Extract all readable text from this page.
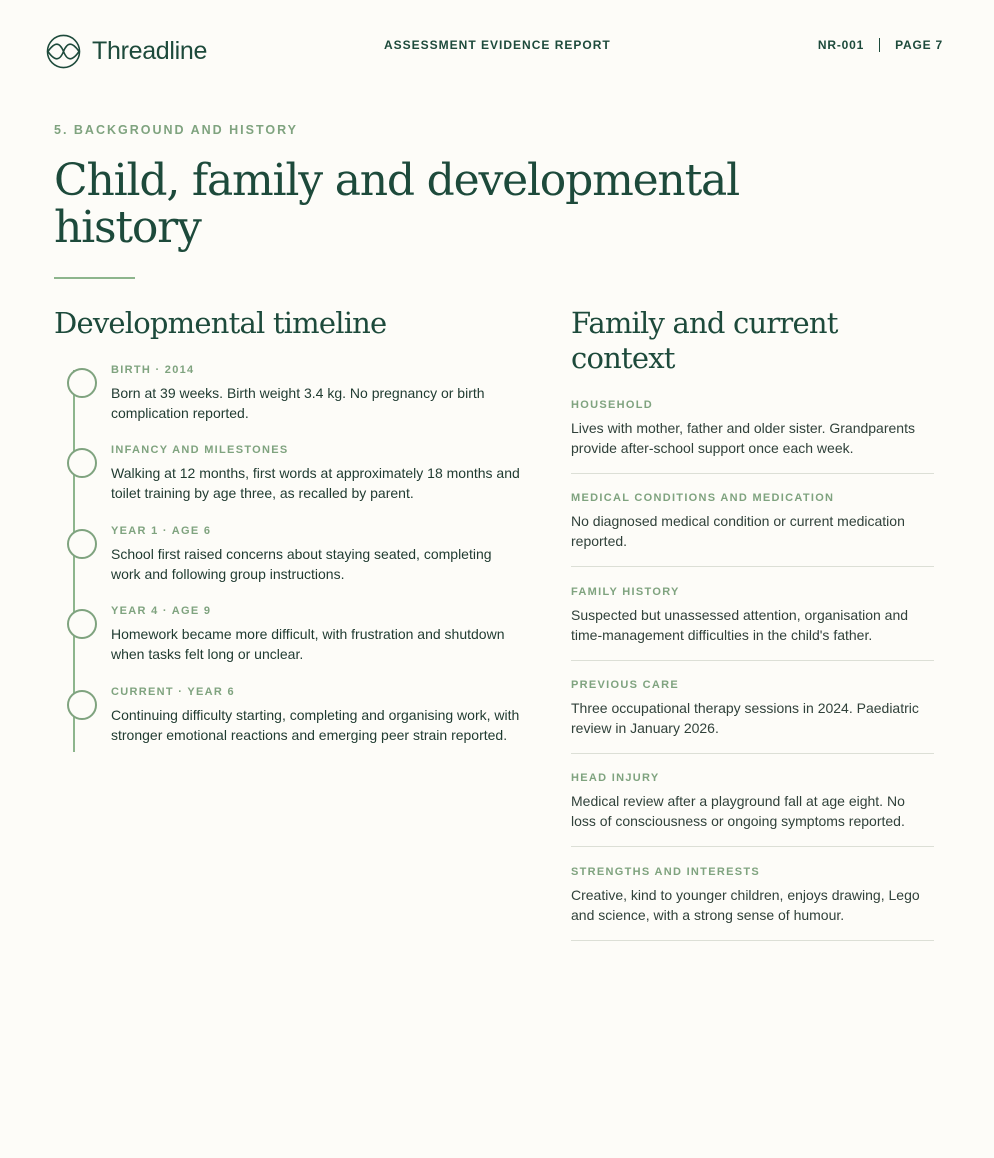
Threadline	ASSESSMENT EVIDENCE REPORT	NR-001	PAGE 7
5. BACKGROUND AND HISTORY
Child, family and developmental history
Developmental timeline
BIRTH · 2014
Born at 39 weeks. Birth weight 3.4 kg. No pregnancy or birth complication reported.
INFANCY AND MILESTONES
Walking at 12 months, first words at approximately 18 months and toilet training by age three, as recalled by parent.
YEAR 1 · AGE 6
School first raised concerns about staying seated, completing work and following group instructions.
YEAR 4 · AGE 9
Homework became more difficult, with frustration and shutdown when tasks felt long or unclear.
CURRENT · YEAR 6
Continuing difficulty starting, completing and organising work, with stronger emotional reactions and emerging peer strain reported.
Family and current context
HOUSEHOLD
Lives with mother, father and older sister. Grandparents provide after-school support once each week.
MEDICAL CONDITIONS AND MEDICATION
No diagnosed medical condition or current medication reported.
FAMILY HISTORY
Suspected but unassessed attention, organisation and time-management difficulties in the child's father.
PREVIOUS CARE
Three occupational therapy sessions in 2024. Paediatric review in January 2026.
HEAD INJURY
Medical review after a playground fall at age eight. No loss of consciousness or ongoing symptoms reported.
STRENGTHS AND INTERESTS
Creative, kind to younger children, enjoys drawing, Lego and science, with a strong sense of humour.
